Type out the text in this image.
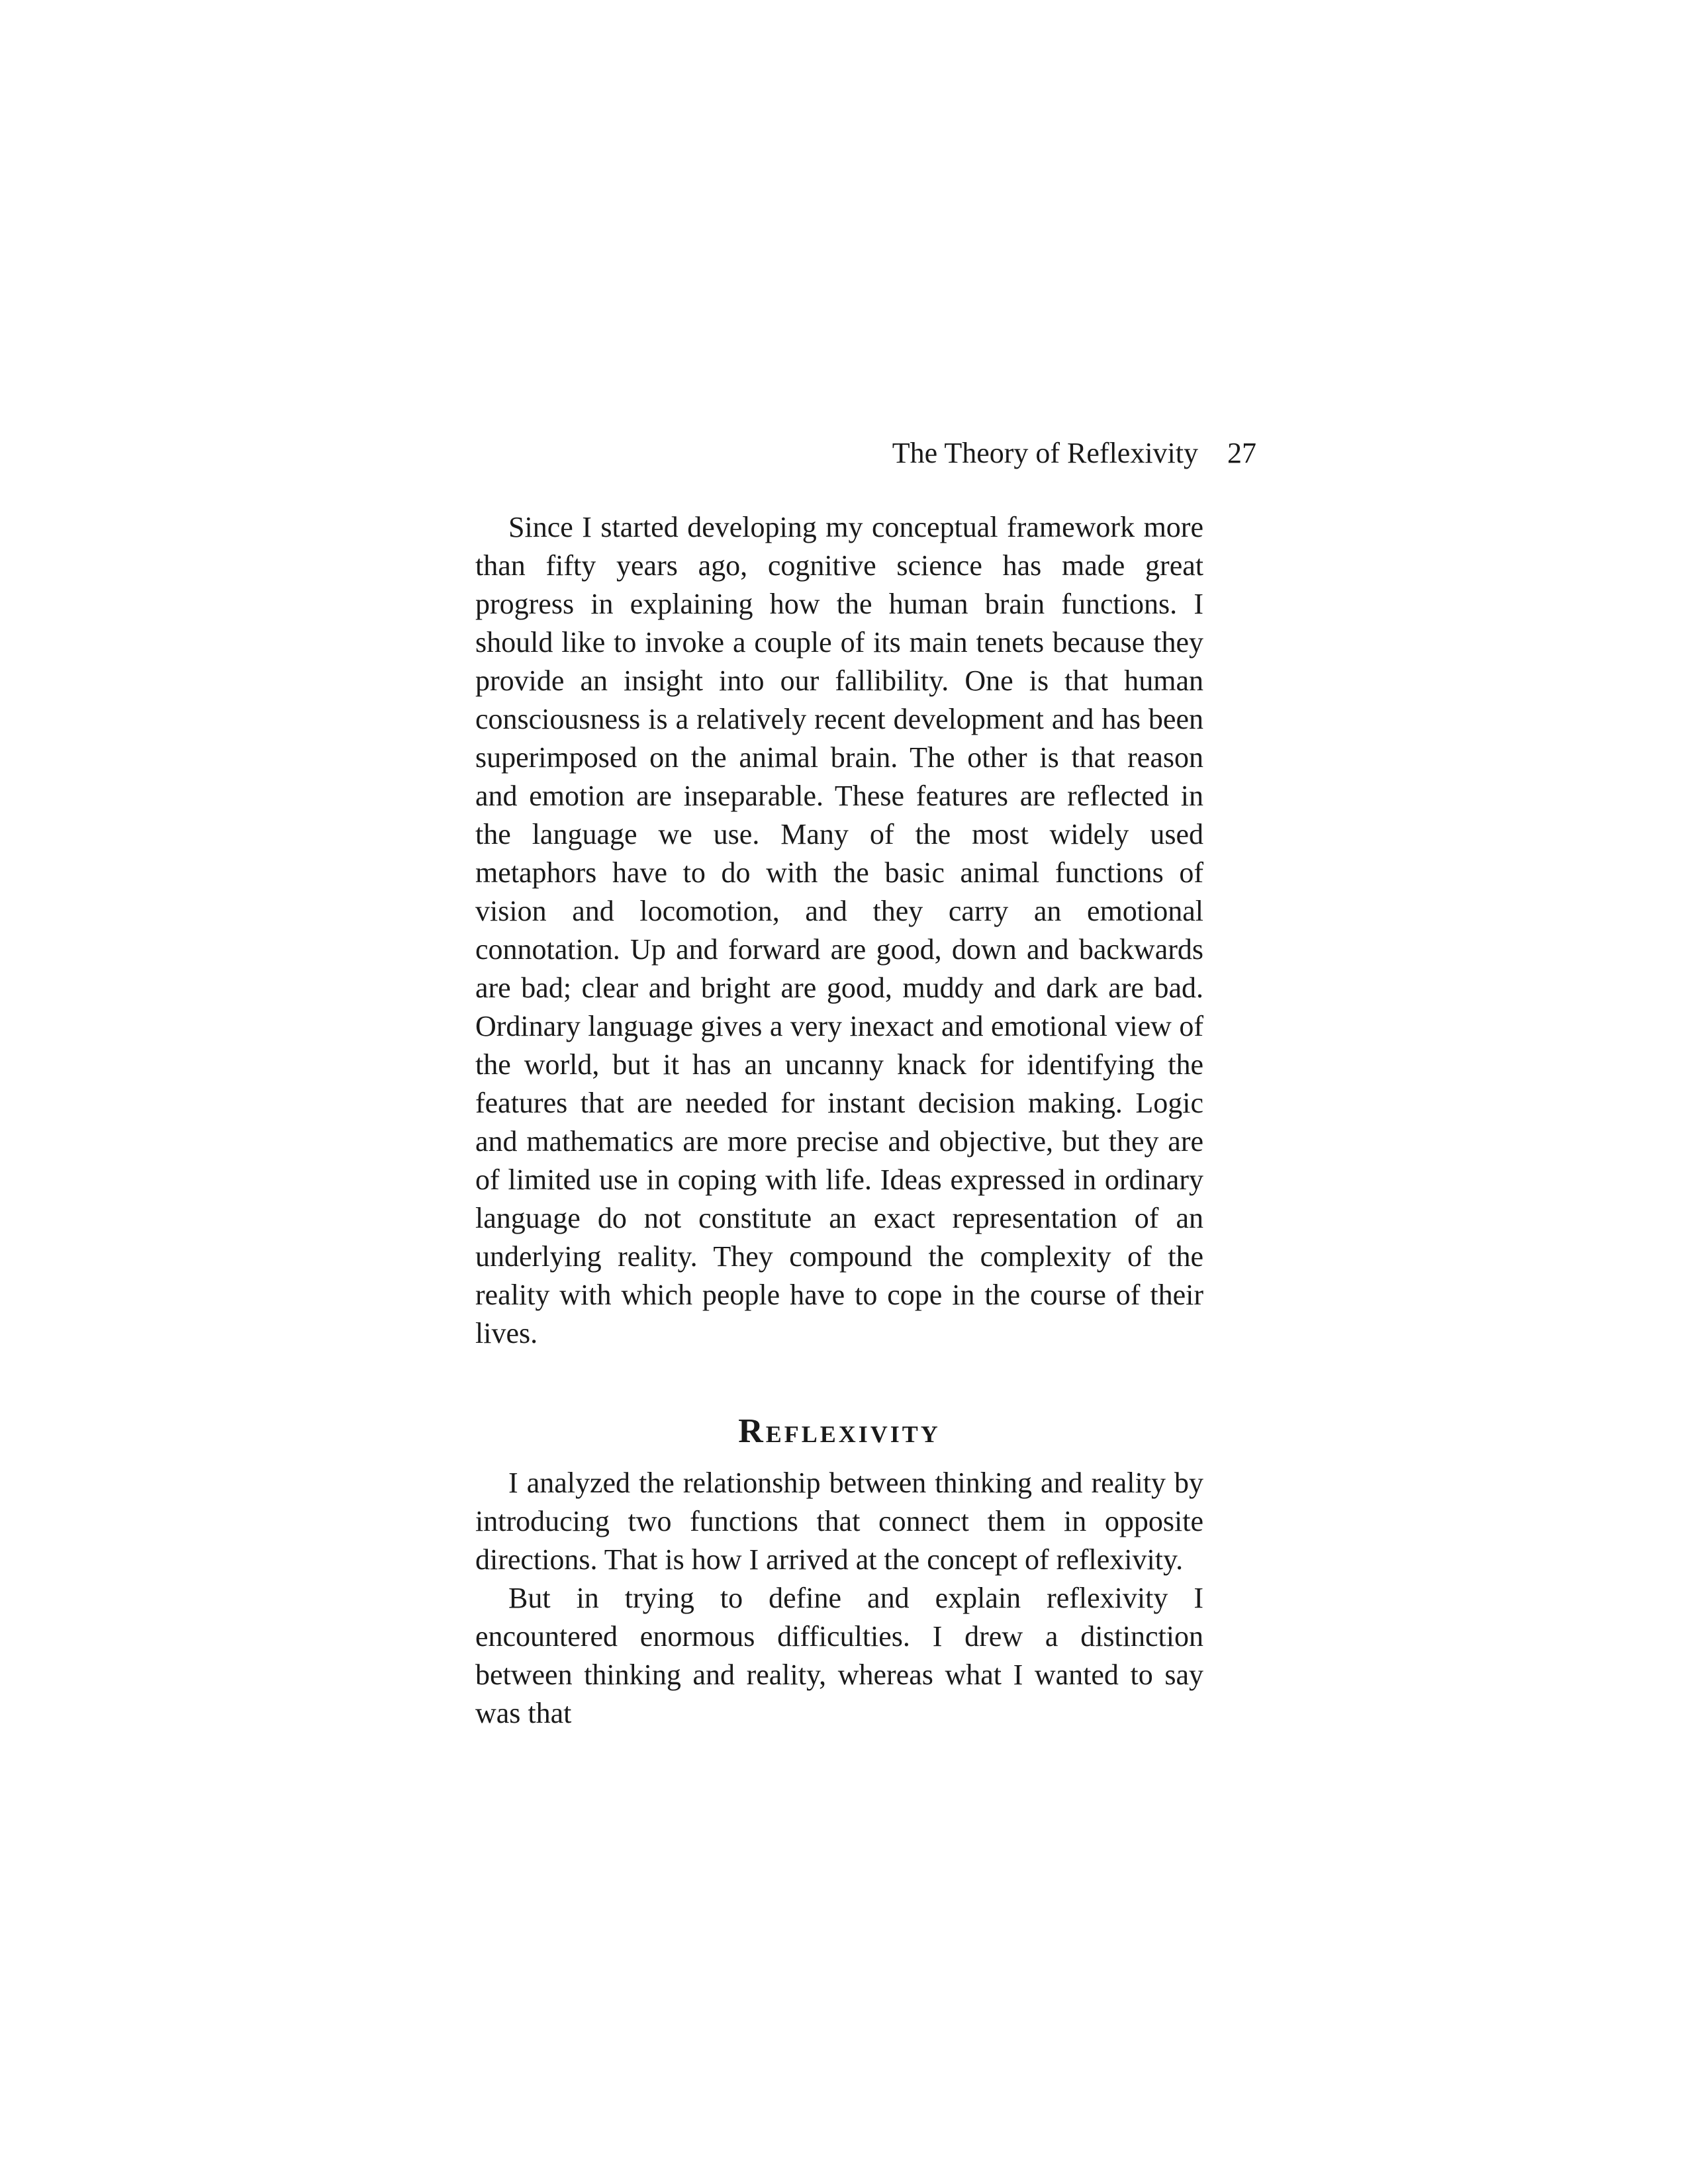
The Theory of Reflexivity 27

Since I started developing my conceptual framework more than fifty years ago, cognitive science has made great progress in explaining how the human brain functions. I should like to invoke a couple of its main tenets because they provide an insight into our fallibility. One is that human consciousness is a relatively recent development and has been superimposed on the animal brain. The other is that reason and emotion are inseparable. These features are reflected in the language we use. Many of the most widely used metaphors have to do with the basic animal functions of vision and locomotion, and they carry an emotional connotation. Up and forward are good, down and backwards are bad; clear and bright are good, muddy and dark are bad. Ordinary language gives a very inexact and emotional view of the world, but it has an uncanny knack for identifying the features that are needed for instant decision making. Logic and mathematics are more precise and objective, but they are of limited use in coping with life. Ideas expressed in ordinary language do not constitute an exact representation of an underlying reality. They compound the complexity of the reality with which people have to cope in the course of their lives.

Reflexivity

I analyzed the relationship between thinking and reality by introducing two functions that connect them in opposite directions. That is how I arrived at the concept of reflexivity.

But in trying to define and explain reflexivity I encountered enormous difficulties. I drew a distinction between thinking and reality, whereas what I wanted to say was that
